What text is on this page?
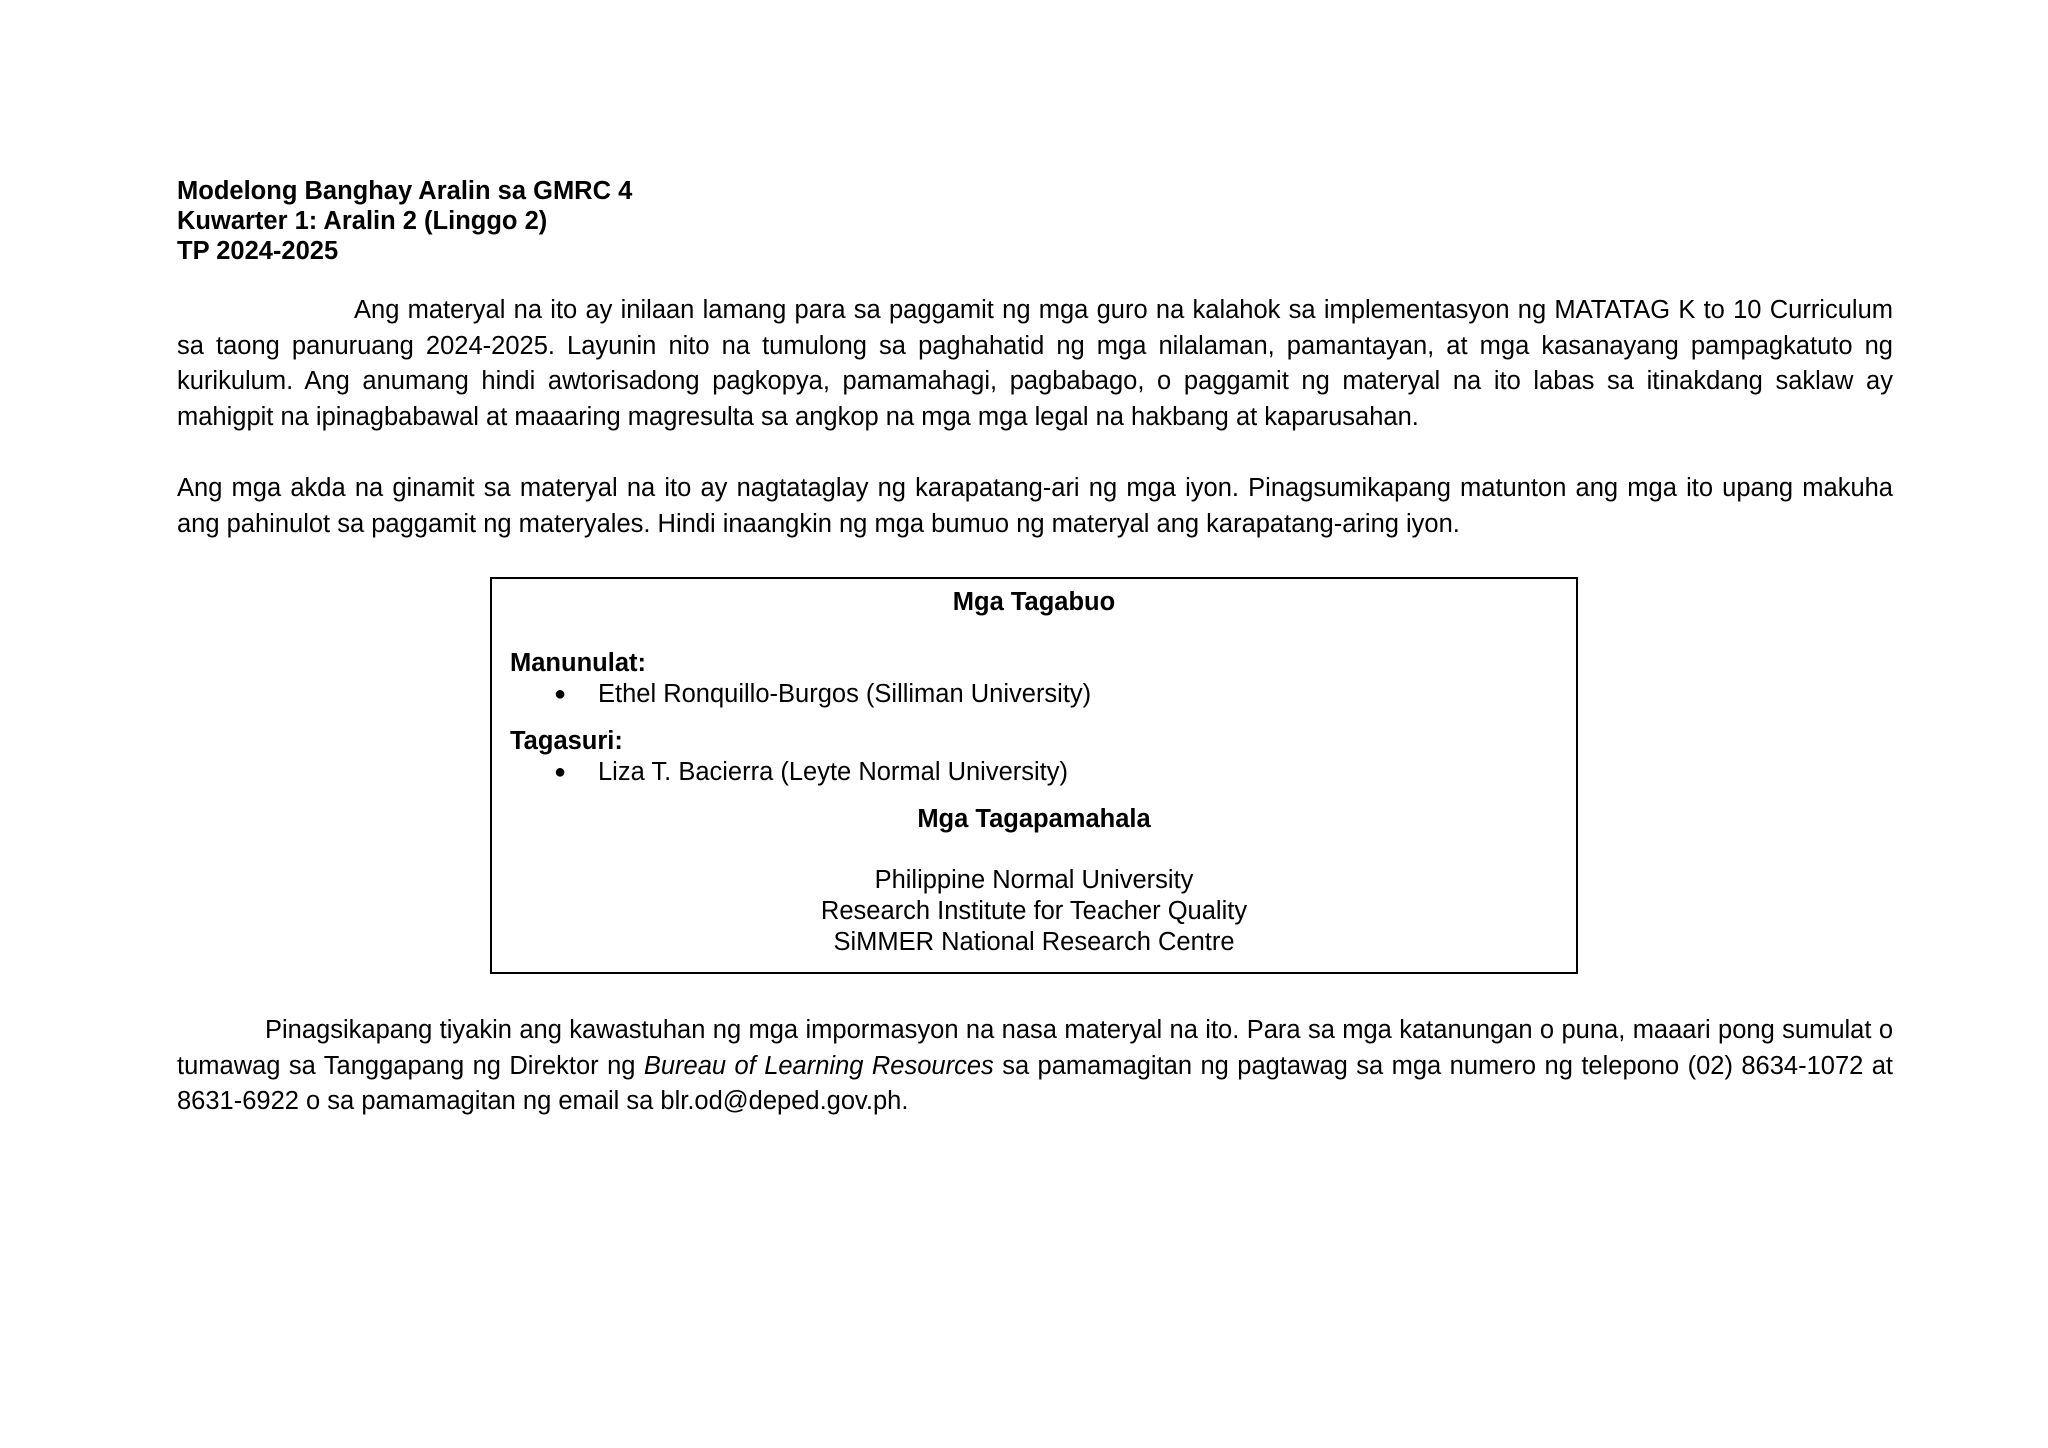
Modelong Banghay Aralin sa GMRC 4
Kuwarter 1: Aralin 2 (Linggo 2)
TP 2024-2025

Ang materyal na ito ay inilaan lamang para sa paggamit ng mga guro na kalahok sa implementasyon ng MATATAG K to 10 Curriculum sa taong panuruang 2024-2025. Layunin nito na tumulong sa paghahatid ng mga nilalaman, pamantayan, at mga kasanayang pampagkatuto ng kurikulum. Ang anumang hindi awtorisadong pagkopya, pamamahagi, pagbabago, o paggamit ng materyal na ito labas sa itinakdang saklaw ay mahigpit na ipinagbabawal at maaaring magresulta sa angkop na mga mga legal na hakbang at kaparusahan.

Ang mga akda na ginamit sa materyal na ito ay nagtataglay ng karapatang-ari ng mga iyon. Pinagsumikapang matunton ang mga ito upang makuha ang pahinulot sa paggamit ng materyales. Hindi inaangkin ng mga bumuo ng materyal ang karapatang-aring iyon.

Mga Tagabuo
Manunulat:
●	Ethel Ronquillo-Burgos (Silliman University)
Tagasuri:
●	Liza T. Bacierra (Leyte Normal University)
Mga Tagapamahala
Philippine Normal University
Research Institute for Teacher Quality
SiMMER National Research Centre

Pinagsikapang tiyakin ang kawastuhan ng mga impormasyon na nasa materyal na ito. Para sa mga katanungan o puna, maaari pong sumulat o tumawag sa Tanggapang ng Direktor ng Bureau of Learning Resources sa pamamagitan ng pagtawag sa mga numero ng telepono (02) 8634-1072 at 8631-6922 o sa pamamagitan ng email sa blr.od@deped.gov.ph.
